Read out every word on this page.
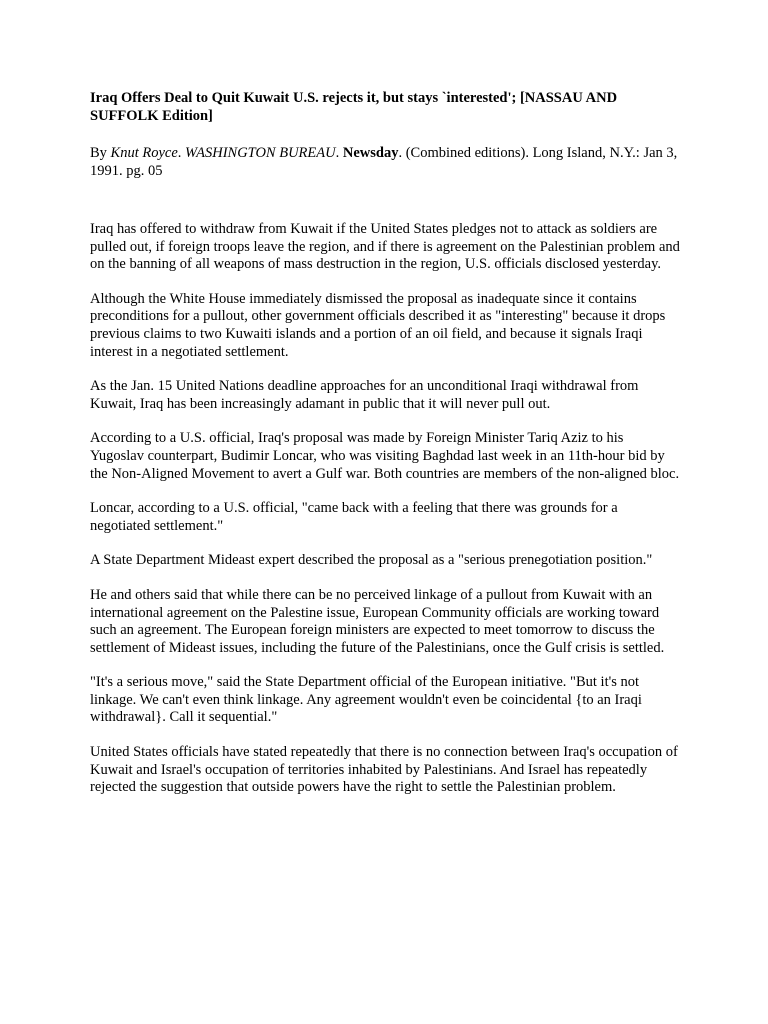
Iraq Offers Deal to Quit Kuwait U.S. rejects it, but stays `interested'; [NASSAU AND SUFFOLK Edition]
By Knut Royce. WASHINGTON BUREAU. Newsday. (Combined editions). Long Island, N.Y.: Jan 3, 1991. pg. 05

Iraq has offered to withdraw from Kuwait if the United States pledges not to attack as soldiers are pulled out, if foreign troops leave the region, and if there is agreement on the Palestinian problem and on the banning of all weapons of mass destruction in the region, U.S. officials disclosed yesterday.

Although the White House immediately dismissed the proposal as inadequate since it contains preconditions for a pullout, other government officials described it as "interesting" because it drops previous claims to two Kuwaiti islands and a portion of an oil field, and because it signals Iraqi interest in a negotiated settlement.

As the Jan. 15 United Nations deadline approaches for an unconditional Iraqi withdrawal from Kuwait, Iraq has been increasingly adamant in public that it will never pull out.

According to a U.S. official, Iraq's proposal was made by Foreign Minister Tariq Aziz to his Yugoslav counterpart, Budimir Loncar, who was visiting Baghdad last week in an 11th-hour bid by the Non-Aligned Movement to avert a Gulf war. Both countries are members of the non-aligned bloc.

Loncar, according to a U.S. official, "came back with a feeling that there was grounds for a negotiated settlement."

A State Department Mideast expert described the proposal as a "serious prenegotiation position."

He and others said that while there can be no perceived linkage of a pullout from Kuwait with an international agreement on the Palestine issue, European Community officials are working toward such an agreement. The European foreign ministers are expected to meet tomorrow to discuss the settlement of Mideast issues, including the future of the Palestinians, once the Gulf crisis is settled.

"It's a serious move," said the State Department official of the European initiative. "But it's not linkage. We can't even think linkage. Any agreement wouldn't even be coincidental {to an Iraqi withdrawal}. Call it sequential."

United States officials have stated repeatedly that there is no connection between Iraq's occupation of Kuwait and Israel's occupation of territories inhabited by Palestinians. And Israel has repeatedly rejected the suggestion that outside powers have the right to settle the Palestinian problem.
